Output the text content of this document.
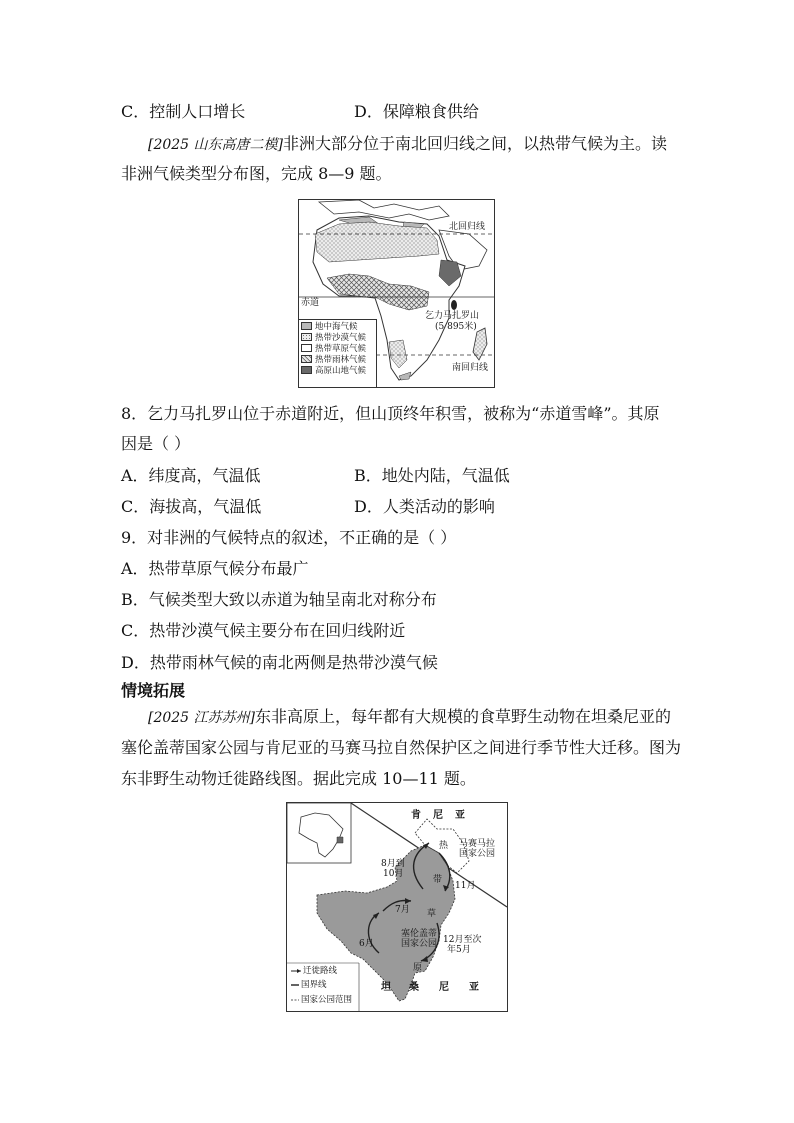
C．控制人口增长	D．保障粮食供给
[2025 山东高唐二模]非洲大部分位于南北回归线之间，以热带气候为主。读
非洲气候类型分布图，完成 8—9 题。
北回归线
赤道
乞力马扎罗山
(5 895米)
南回归线
地中海气候
热带沙漠气候
热带草原气候
热带雨林气候
高原山地气候
8．乞力马扎罗山位于赤道附近，但山顶终年积雪，被称为“赤道雪峰”。其原
因是（ ）
A．纬度高，气温低	B．地处内陆，气温低
C．海拔高，气温低	D．人类活动的影响
9．对非洲的气候特点的叙述，不正确的是（ ）
A．热带草原气候分布最广
B．气候类型大致以赤道为轴呈南北对称分布
C．热带沙漠气候主要分布在回归线附近
D．热带雨林气候的南北两侧是热带沙漠气候
情境拓展
[2025 江苏苏州]东非高原上，每年都有大规模的食草野生动物在坦桑尼亚的
塞伦盖蒂国家公园与肯尼亚的马赛马拉自然保护区之间进行季节性大迁移。图为
东非野生动物迁徙路线图。据此完成 10—11 题。
肯 尼 亚
马赛马拉
国家公园
8月到
10月
11月
7月
6月	12月至次
年5月
热
带
草
原
塞伦盖蒂
国家公园
坦 桑 尼 亚
迁徙路线
国界线
国家公园范围
